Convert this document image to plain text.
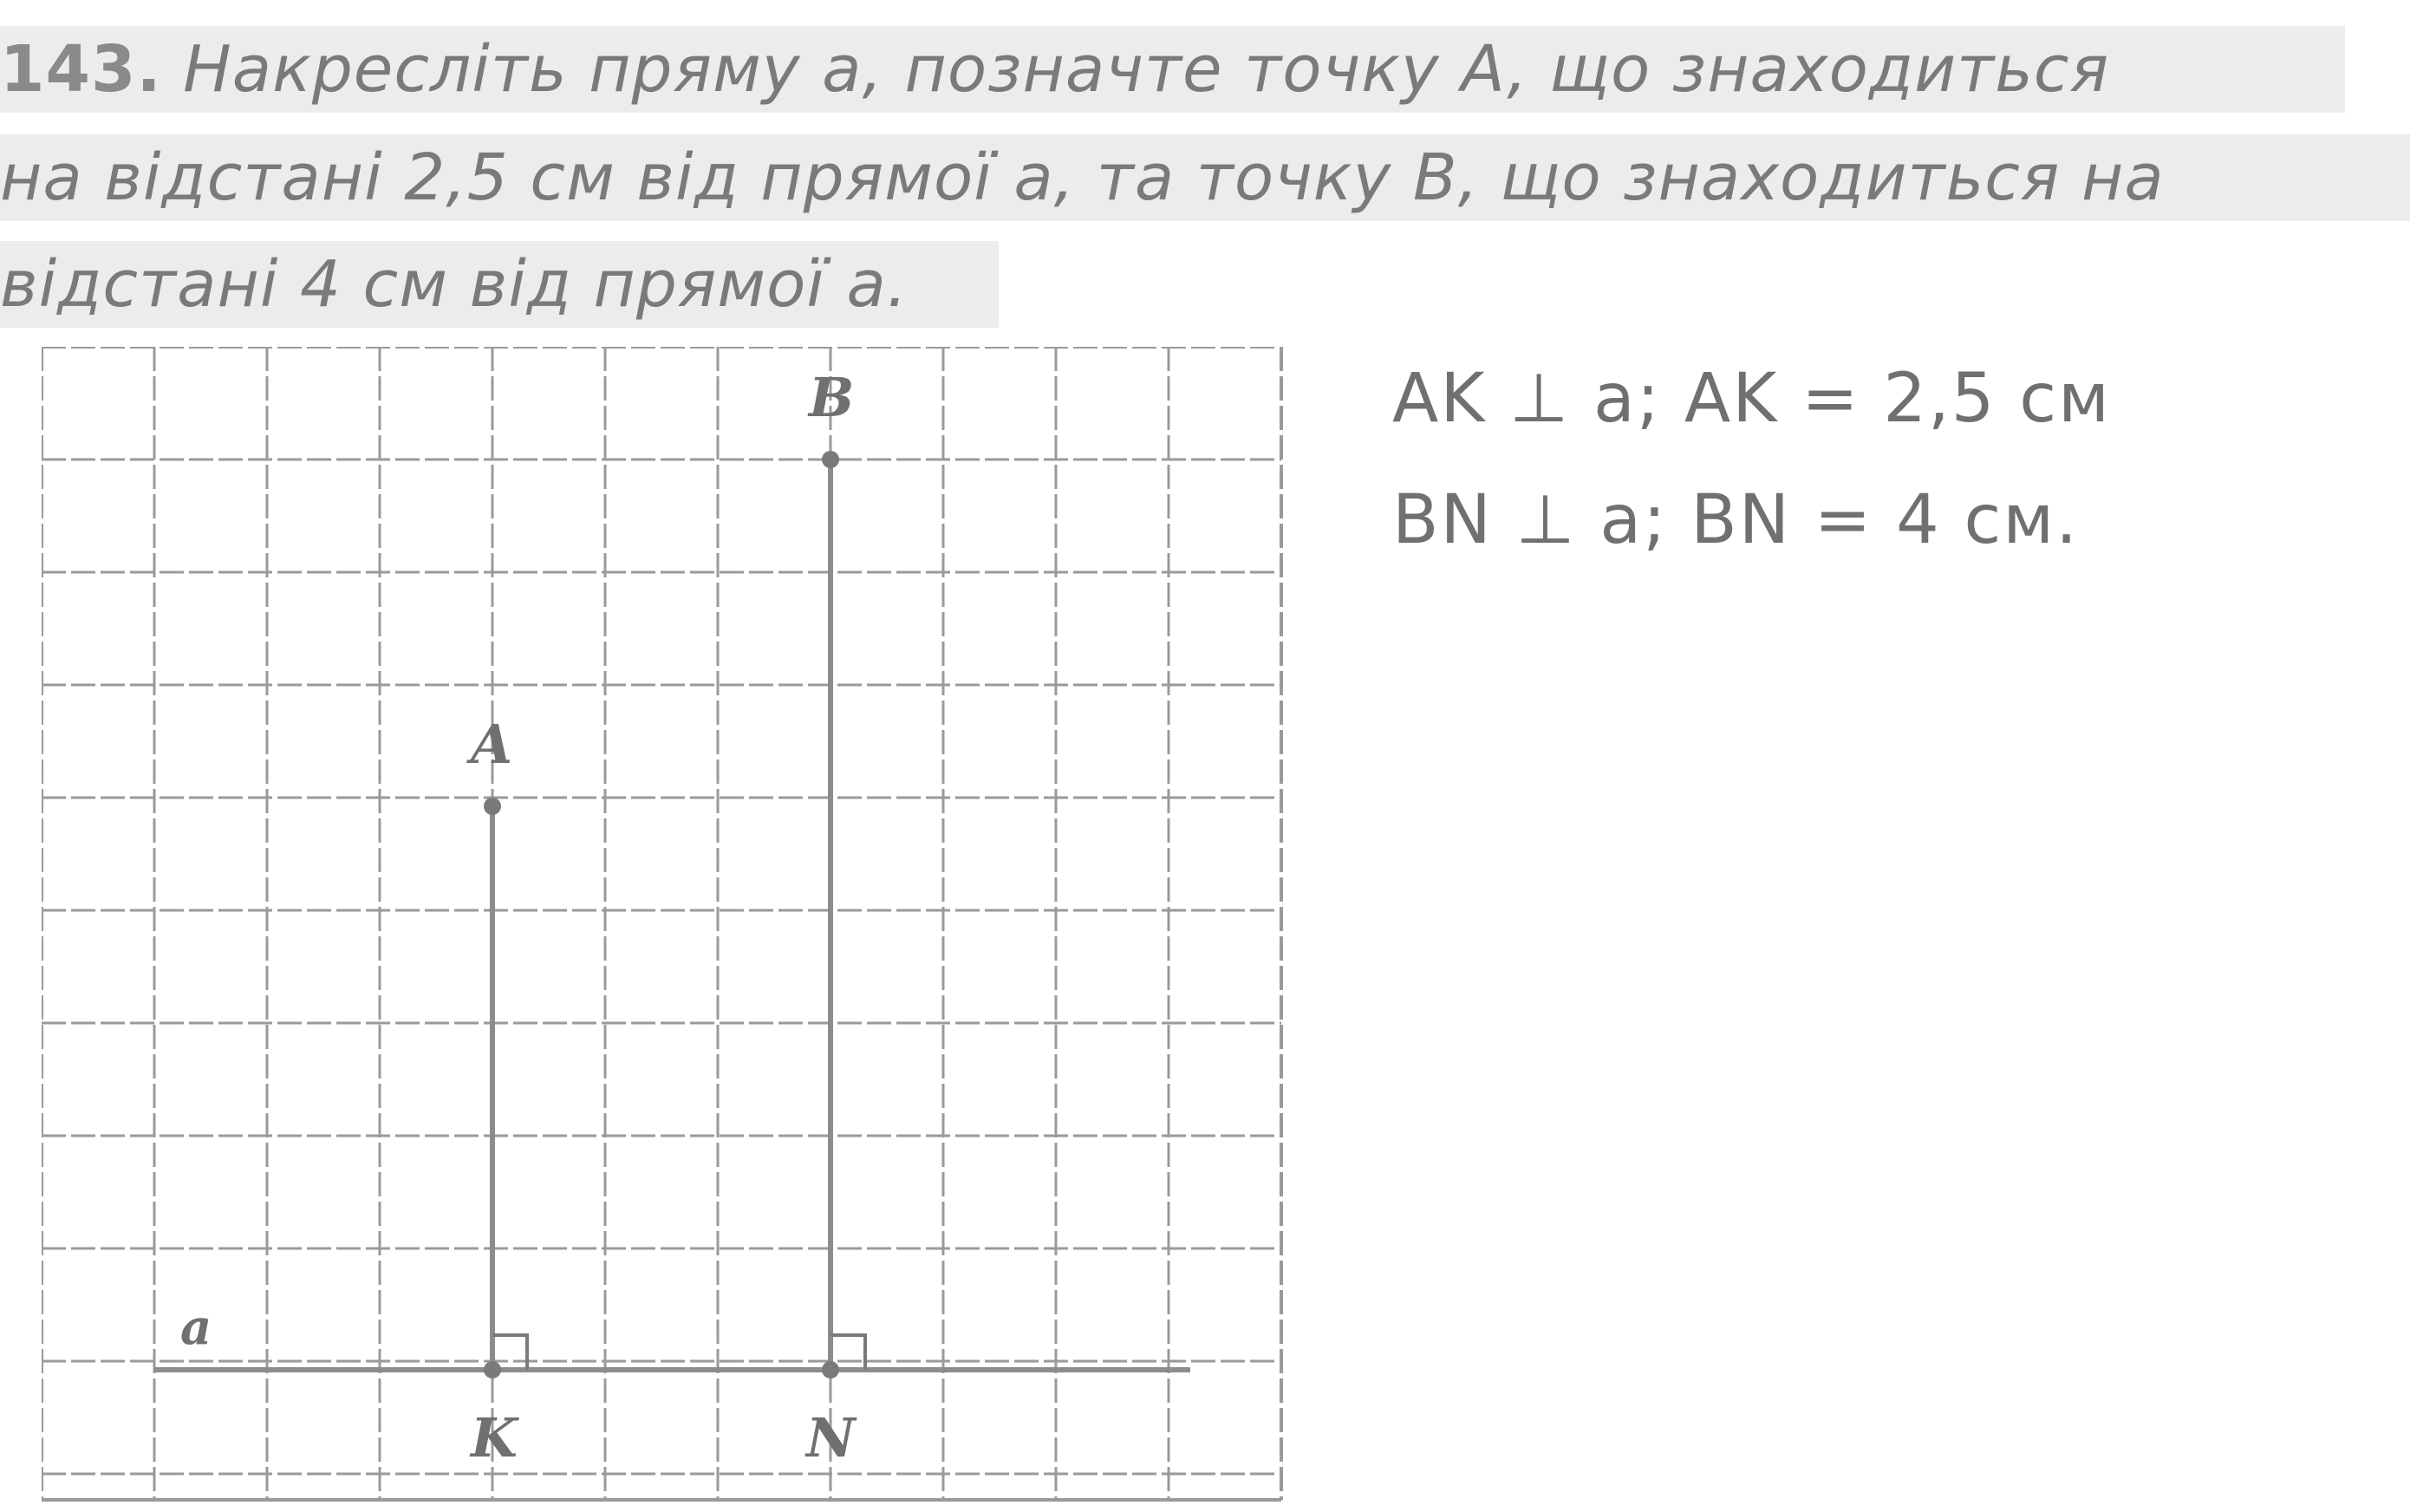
143. Накресліть пряму a, позначте точку A, що знаходиться
на відстані 2,5 см від прямої a, та точку B, що знаходиться на
відстані 4 см від прямої a.
A
B
K	N
a
AK ⊥ a; AK = 2,5 см
BN ⊥ a; BN = 4 см.
